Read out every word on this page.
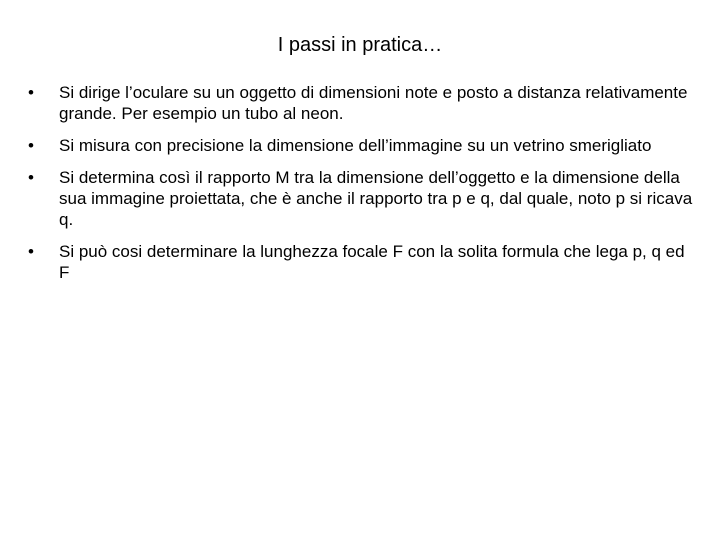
I passi in pratica…
•	Si dirige l’oculare su un oggetto di dimensioni note e posto a distanza relativamente grande. Per esempio un tubo al neon.
•	Si misura con precisione la dimensione dell’immagine su un vetrino smerigliato
•	Si determina così il rapporto M tra la dimensione dell’oggetto e la dimensione della sua immagine proiettata, che è anche il rapporto tra p e q, dal quale, noto p si ricava q.
•	Si può cosi determinare la lunghezza focale F con la solita formula che lega p, q ed F
